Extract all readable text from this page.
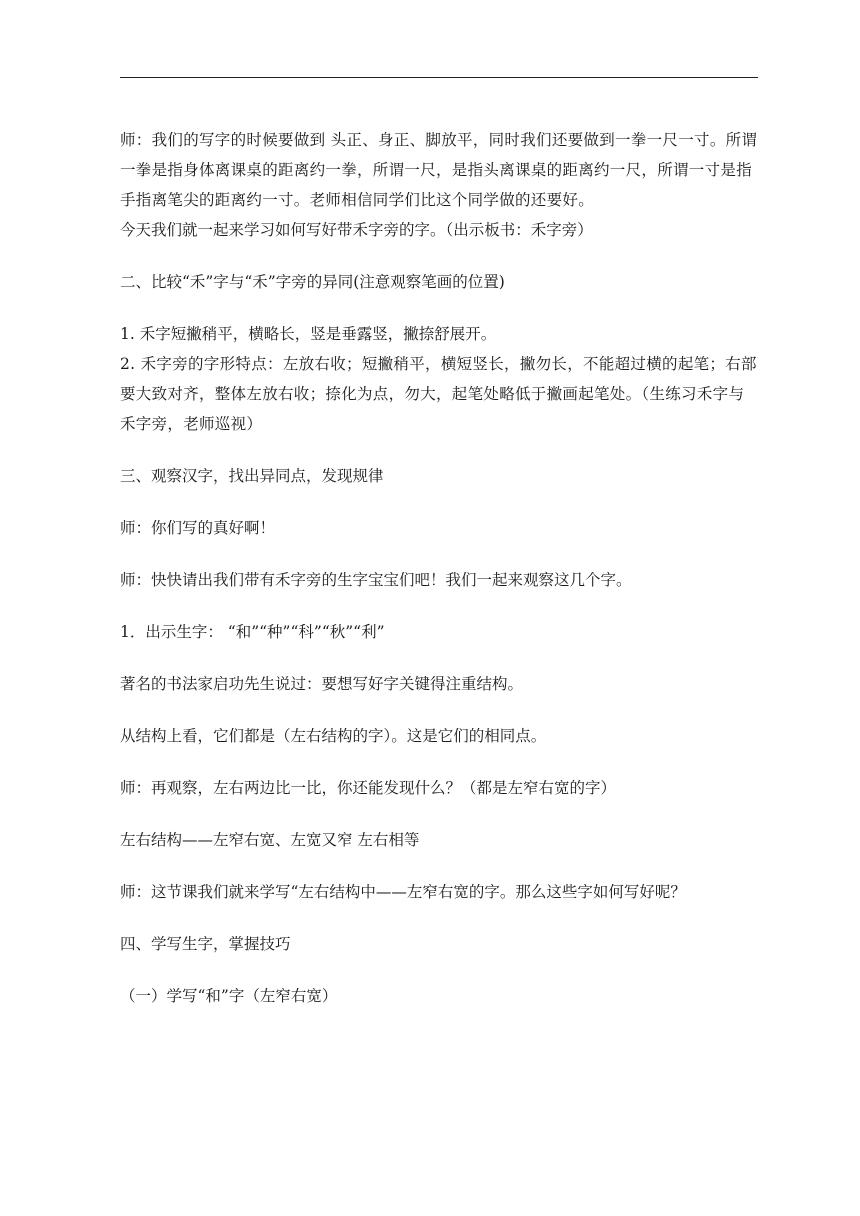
师：我们的写字的时候要做到 头正、身正、脚放平，同时我们还要做到一拳一尺一寸。所谓一拳是指身体离课桌的距离约一拳，所谓一尺，是指头离课桌的距离约一尺，所谓一寸是指手指离笔尖的距离约一寸。老师相信同学们比这个同学做的还要好。

今天我们就一起来学习如何写好带禾字旁的字。（出示板书：禾字旁）

二、比较“禾”字与“禾”字旁的异同(注意观察笔画的位置)

1. 禾字短撇稍平，横略长，竖是垂露竖，撇捺舒展开。

2. 禾字旁的字形特点：左放右收；短撇稍平，横短竖长，撇勿长，不能超过横的起笔；右部要大致对齐，整体左放右收；捺化为点，勿大，起笔处略低于撇画起笔处。（生练习禾字与禾字旁，老师巡视）

三、观察汉字，找出异同点，发现规律

师：你们写的真好啊！

师：快快请出我们带有禾字旁的生字宝宝们吧！我们一起来观察这几个字。

1．出示生字： “和”“种”“科”“秋”“利”

著名的书法家启功先生说过：要想写好字关键得注重结构。

从结构上看，它们都是（左右结构的字）。这是它们的相同点。

师：再观察，左右两边比一比，你还能发现什么？（都是左窄右宽的字）

左右结构——左窄右宽、左宽又窄 左右相等

师：这节课我们就来学写“左右结构中——左窄右宽的字。那么这些字如何写好呢？

四、学写生字，掌握技巧

（一）学写“和”字（左窄右宽）
